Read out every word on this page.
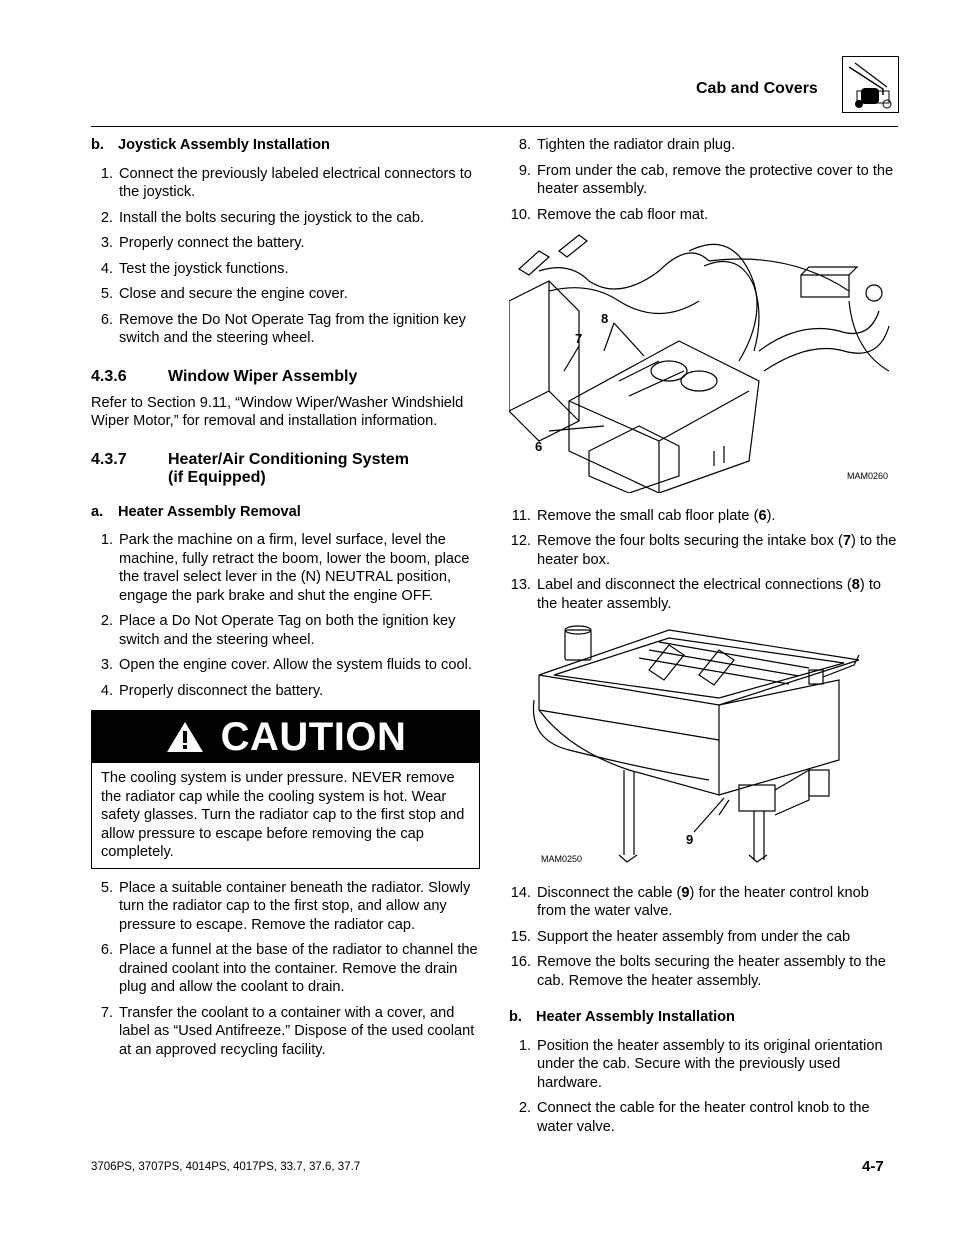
Cab and Covers
b. Joystick Assembly Installation
1. Connect the previously labeled electrical connectors to the joystick.
2. Install the bolts securing the joystick to the cab.
3. Properly connect the battery.
4. Test the joystick functions.
5. Close and secure the engine cover.
6. Remove the Do Not Operate Tag from the ignition key switch and the steering wheel.
4.3.6	Window Wiper Assembly

Refer to Section 9.11, “Window Wiper/Washer Windshield Wiper Motor,” for removal and installation information.

4.3.7	Heater/Air Conditioning System
(if Equipped)
a. Heater Assembly Removal
1. Park the machine on a firm, level surface, level the machine, fully retract the boom, lower the boom, place the travel select lever in the (N) NEUTRAL position, engage the park brake and shut the engine OFF.
2. Place a Do Not Operate Tag on both the ignition key switch and the steering wheel.
3. Open the engine cover. Allow the system fluids to cool.
4. Properly disconnect the battery.
CAUTION
The cooling system is under pressure. NEVER remove the radiator cap while the cooling system is hot. Wear safety glasses. Turn the radiator cap to the first stop and allow pressure to escape before removing the cap completely.
5. Place a suitable container beneath the radiator. Slowly turn the radiator cap to the first stop, and allow any pressure to escape. Remove the radiator cap.
6. Place a funnel at the base of the radiator to channel the drained coolant into the container. Remove the drain plug and allow the coolant to drain.
7. Transfer the coolant to a container with a cover, and label as “Used Antifreeze.” Dispose of the used coolant at an approved recycling facility.
8. Tighten the radiator drain plug.
9. From under the cab, remove the protective cover to the heater assembly.
10. Remove the cab floor mat.
8
7
6
MAM0260
11. Remove the small cab floor plate (6).
12. Remove the four bolts securing the intake box (7) to the heater box.
13. Label and disconnect the electrical connections (8) to the heater assembly.
9
MAM0250
14. Disconnect the cable (9) for the heater control knob from the water valve.
15. Support the heater assembly from under the cab
16. Remove the bolts securing the heater assembly to the cab. Remove the heater assembly.
b. Heater Assembly Installation
1. Position the heater assembly to its original orientation under the cab. Secure with the previously used hardware.
2. Connect the cable for the heater control knob to the water valve.
3706PS, 3707PS, 4014PS, 4017PS, 33.7, 37.6, 37.7	4-7
